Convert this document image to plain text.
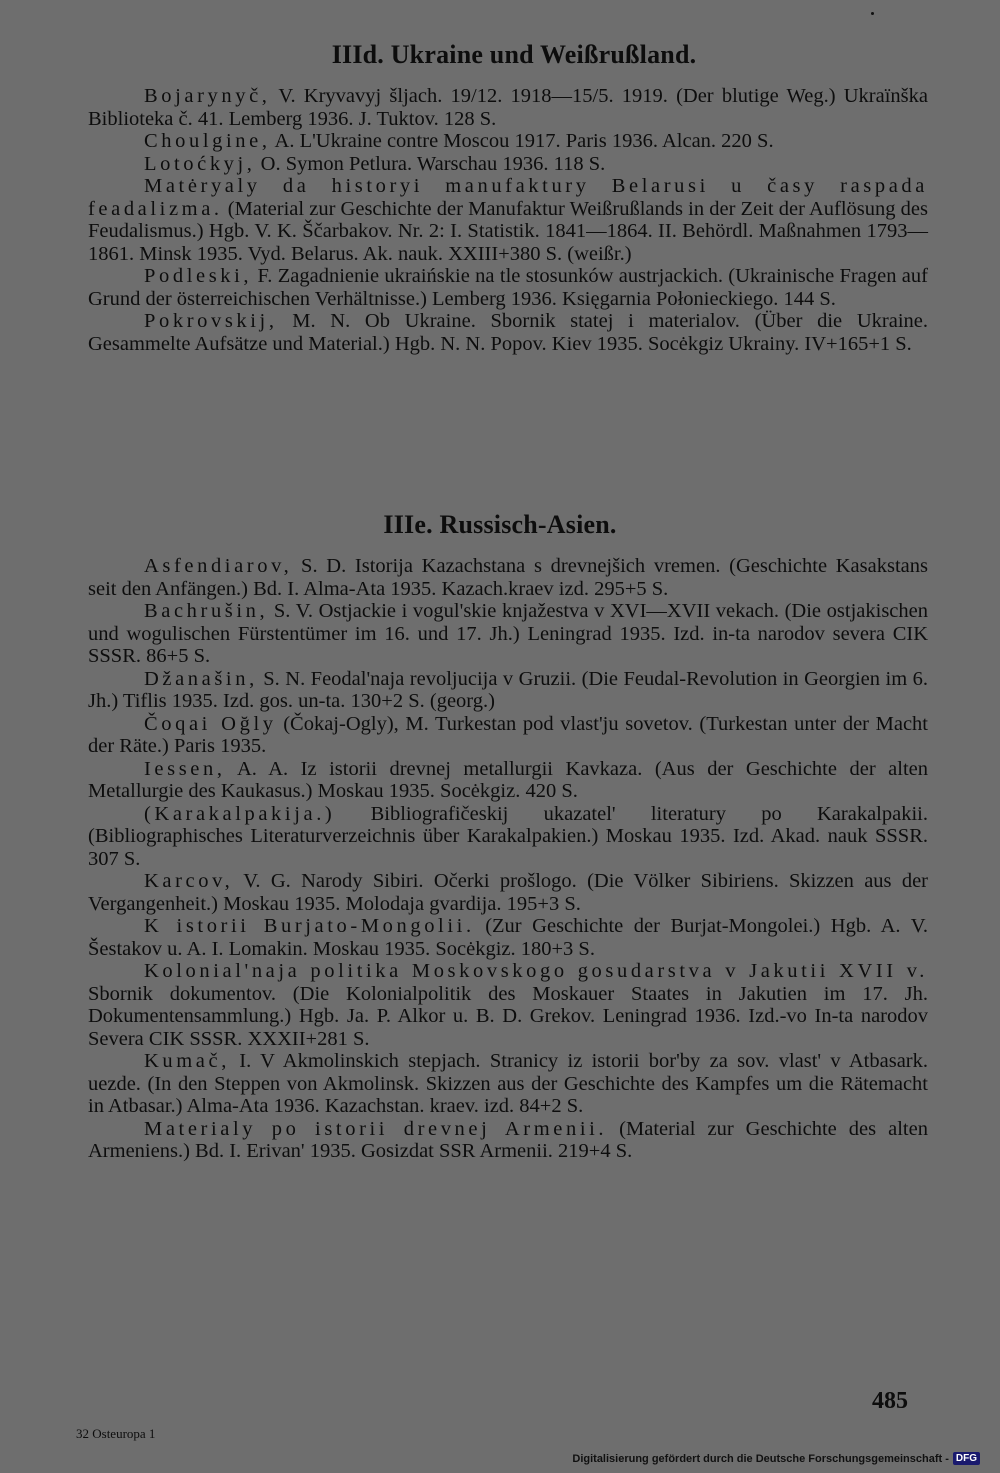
IIId. Ukraine und Weißrußland.

Bojarynyč, V. Kryvavyj šljach. 19/12. 1918—15/5. 1919. (Der blutige Weg.) Ukraïnška Biblioteka č. 41. Lemberg 1936. J. Tuktov. 128 S.

Choulgine, A. L'Ukraine contre Moscou 1917. Paris 1936. Alcan. 220 S.

Lotoćkyj, O. Symon Petlura. Warschau 1936. 118 S.

Matėryaly da historyi manufaktury Belarusi u časy raspada feadalizma. (Material zur Geschichte der Manufaktur Weißrußlands in der Zeit der Auflösung des Feudalismus.) Hgb. V. K. Ščarbakov. Nr. 2: I. Statistik. 1841—1864. II. Behördl. Maßnahmen 1793—1861. Minsk 1935. Vyd. Belarus. Ak. nauk. XXIII+380 S. (weißr.)

Podleski, F. Zagadnienie ukraińskie na tle stosunków austrjackich. (Ukrainische Fragen auf Grund der österreichischen Verhältnisse.) Lemberg 1936. Księgarnia Połonieckiego. 144 S.

Pokrovskij, M. N. Ob Ukraine. Sbornik statej i materialov. (Über die Ukraine. Gesammelte Aufsätze und Material.) Hgb. N. N. Popov. Kiev 1935. Socėkgiz Ukrainy. IV+165+1 S.

IIIe. Russisch-Asien.

Asfendiarov, S. D. Istorija Kazachstana s drevnejšich vremen. (Geschichte Kasakstans seit den Anfängen.) Bd. I. Alma-Ata 1935. Kazach.kraev izd. 295+5 S.

Bachrušin, S. V. Ostjackie i vogul'skie knjažestva v XVI—XVII vekach. (Die ostjakischen und wogulischen Fürstentümer im 16. und 17. Jh.) Leningrad 1935. Izd. in-ta narodov severa CIK SSSR. 86+5 S.

Džanašin, S. N. Feodal'naja revoljucija v Gruzii. (Die Feudal-Revolution in Georgien im 6. Jh.) Tiflis 1935. Izd. gos. un-ta. 130+2 S. (georg.)

Čoqai Oğly (Čokaj-Ogly), M. Turkestan pod vlast'ju sovetov. (Turkestan unter der Macht der Räte.) Paris 1935.

Iessen, A. A. Iz istorii drevnej metallurgii Kavkaza. (Aus der Geschichte der alten Metallurgie des Kaukasus.) Moskau 1935. Socėkgiz. 420 S.

(Karakalpakija.) Bibliografičeskij ukazatel' literatury po Karakalpakii. (Bibliographisches Literaturverzeichnis über Karakalpakien.) Moskau 1935. Izd. Akad. nauk SSSR. 307 S.

Karcov, V. G. Narody Sibiri. Očerki prošlogo. (Die Völker Sibiriens. Skizzen aus der Vergangenheit.) Moskau 1935. Molodaja gvardija. 195+3 S.

K istorii Burjato-Mongolii. (Zur Geschichte der Burjat-Mongolei.) Hgb. A. V. Šestakov u. A. I. Lomakin. Moskau 1935. Socėkgiz. 180+3 S.

Kolonial'naja politika Moskovskogo gosudarstva v Jakutii XVII v. Sbornik dokumentov. (Die Kolonialpolitik des Moskauer Staates in Jakutien im 17. Jh. Dokumentensammlung.) Hgb. Ja. P. Alkor u. B. D. Grekov. Leningrad 1936. Izd.-vo In-ta narodov Severa CIK SSSR. XXXII+281 S.

Kumač, I. V Akmolinskich stepjach. Stranicy iz istorii bor'by za sov. vlast' v Atbasark. uezde. (In den Steppen von Akmolinsk. Skizzen aus der Geschichte des Kampfes um die Rätemacht in Atbasar.) Alma-Ata 1936. Kazachstan. kraev. izd. 84+2 S.

Materialy po istorii drevnej Armenii. (Material zur Geschichte des alten Armeniens.) Bd. I. Erivan' 1935. Gosizdat SSR Armenii. 219+4 S.

485
32 Osteuropa 1
Digitalisierung gefördert durch die Deutsche Forschungsgemeinschaft - DFG
